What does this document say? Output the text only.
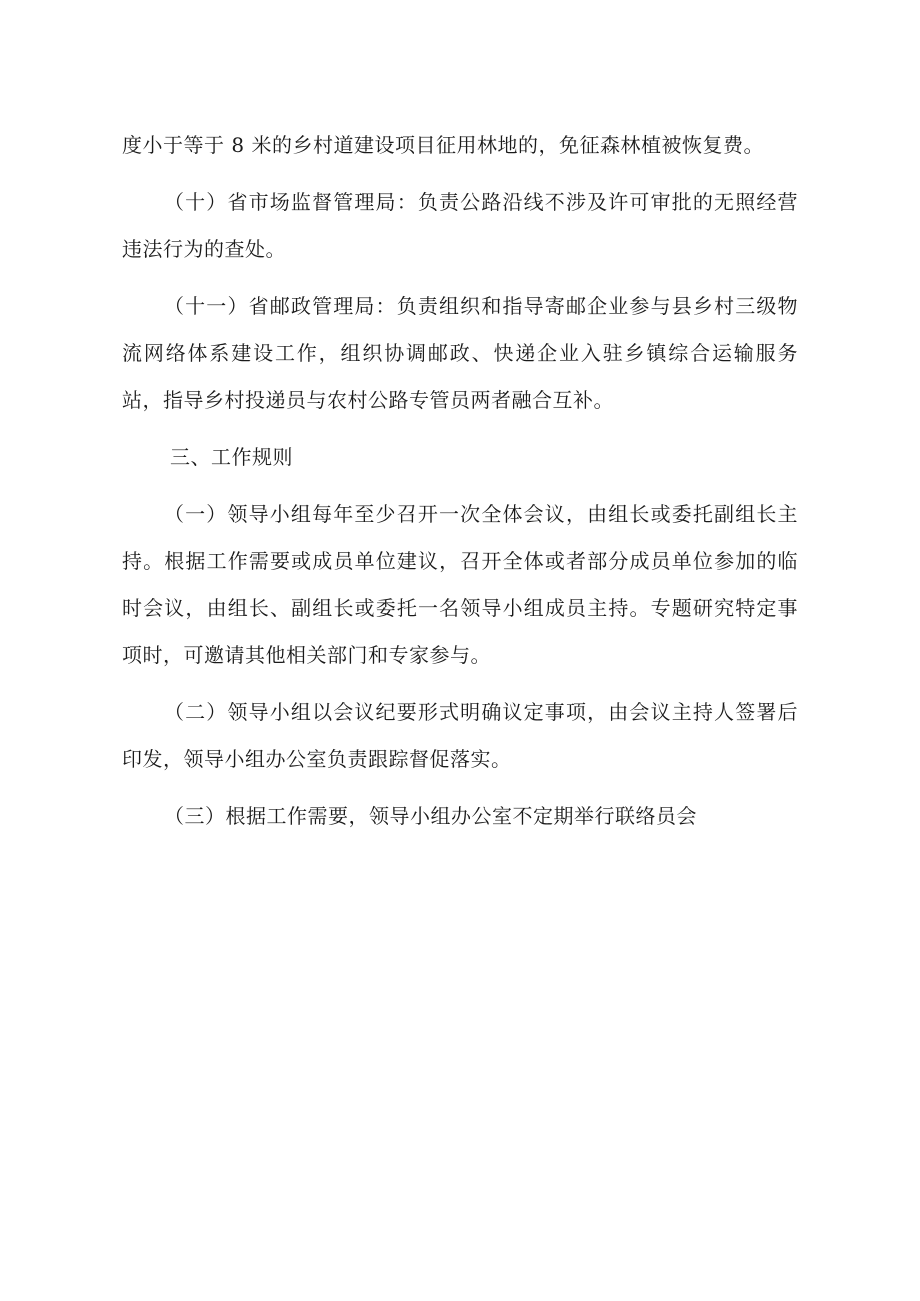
度小于等于 8 米的乡村道建设项目征用林地的，免征森林植被恢复费。

（十）省市场监督管理局：负责公路沿线不涉及许可审批的无照经营违法行为的查处。

（十一）省邮政管理局：负责组织和指导寄邮企业参与县乡村三级物流网络体系建设工作，组织协调邮政、快递企业入驻乡镇综合运输服务站，指导乡村投递员与农村公路专管员两者融合互补。

三、工作规则

（一）领导小组每年至少召开一次全体会议，由组长或委托副组长主持。根据工作需要或成员单位建议，召开全体或者部分成员单位参加的临时会议，由组长、副组长或委托一名领导小组成员主持。专题研究特定事项时，可邀请其他相关部门和专家参与。

（二）领导小组以会议纪要形式明确议定事项，由会议主持人签署后印发，领导小组办公室负责跟踪督促落实。

（三）根据工作需要，领导小组办公室不定期举行联络员会
